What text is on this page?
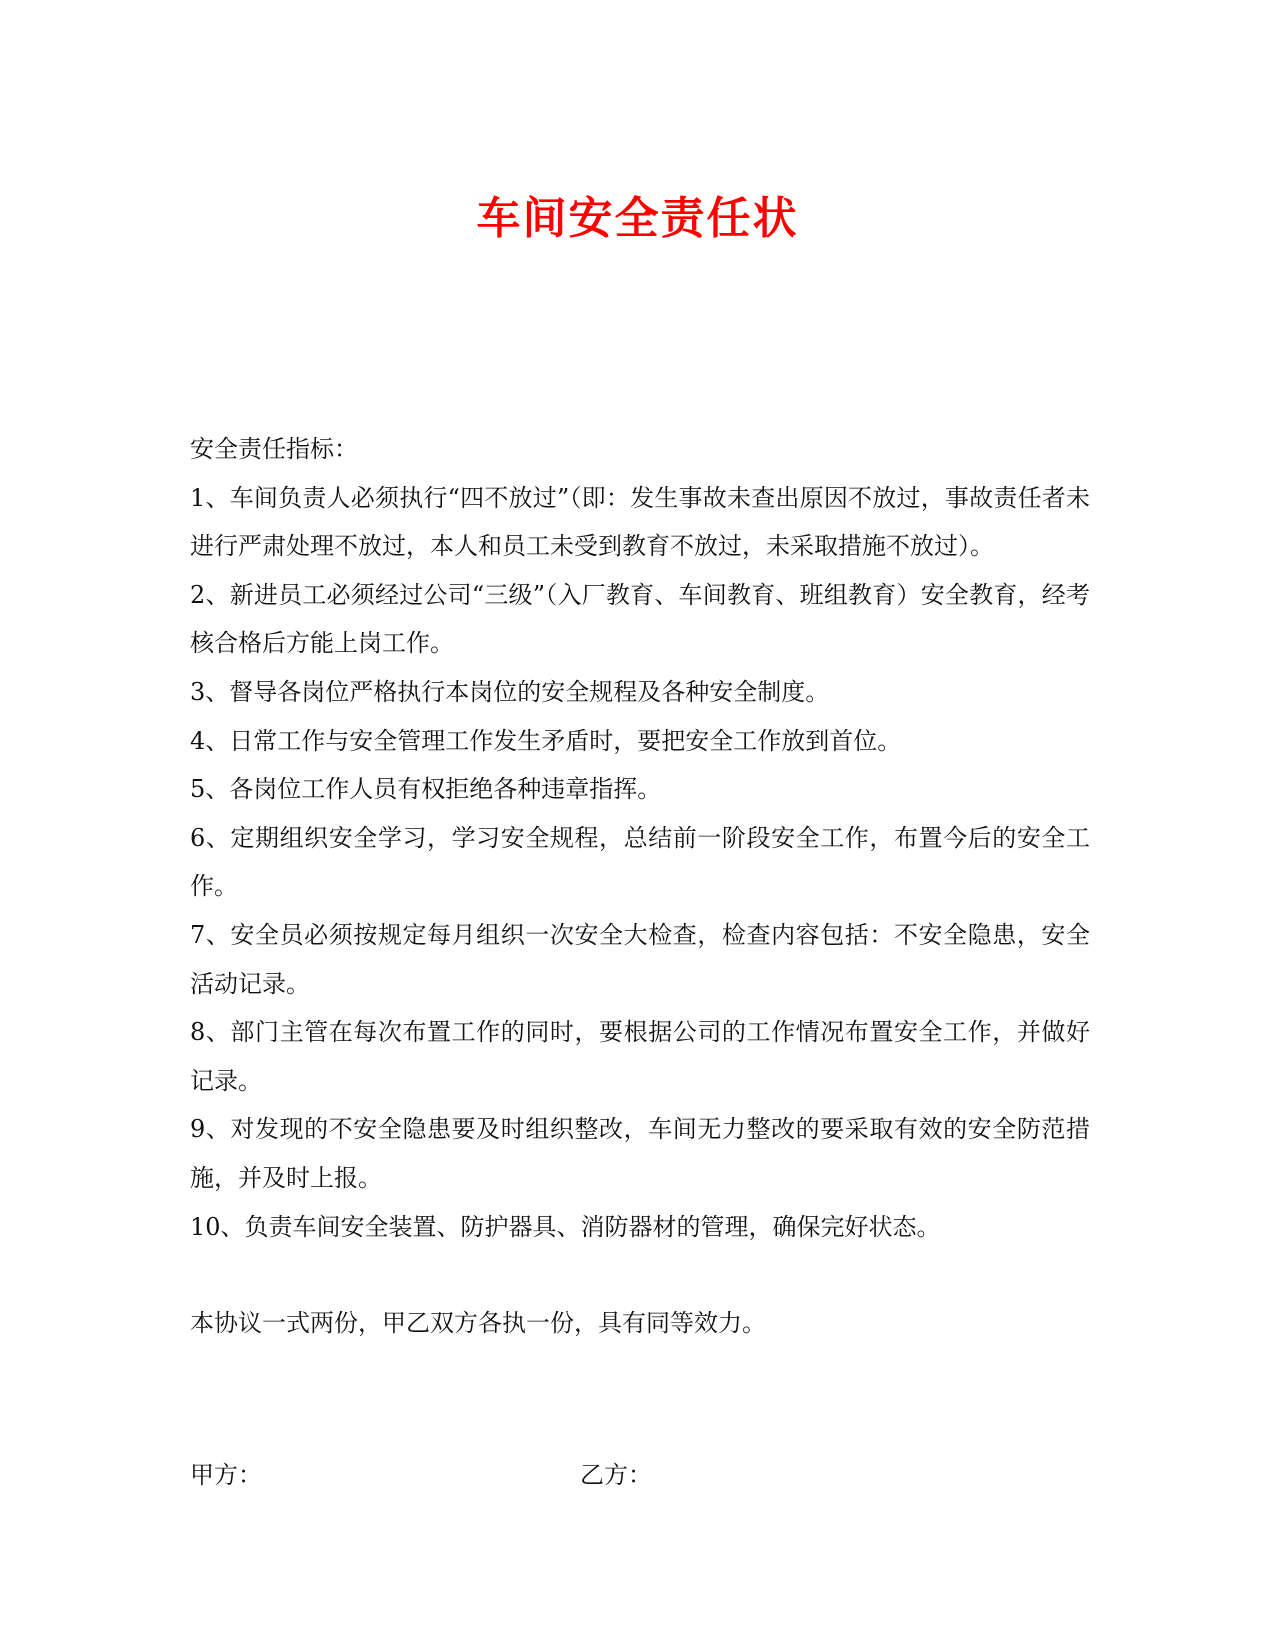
车间安全责任状

安全责任指标：

1、车间负责人必须执行“四不放过”（即：发生事故未查出原因不放过，事故责任者未进行严肃处理不放过，本人和员工未受到教育不放过，未采取措施不放过）。

2、新进员工必须经过公司“三级”（入厂教育、车间教育、班组教育）安全教育，经考核合格后方能上岗工作。

3、督导各岗位严格执行本岗位的安全规程及各种安全制度。

4、日常工作与安全管理工作发生矛盾时，要把安全工作放到首位。

5、各岗位工作人员有权拒绝各种违章指挥。

6、定期组织安全学习，学习安全规程，总结前一阶段安全工作，布置今后的安全工作。

7、安全员必须按规定每月组织一次安全大检查，检查内容包括：不安全隐患，安全活动记录。

8、部门主管在每次布置工作的同时，要根据公司的工作情况布置安全工作，并做好记录。

9、对发现的不安全隐患要及时组织整改，车间无力整改的要采取有效的安全防范措施，并及时上报。

10、负责车间安全装置、防护器具、消防器材的管理，确保完好状态。

本协议一式两份，甲乙双方各执一份，具有同等效力。

甲方：	乙方：
